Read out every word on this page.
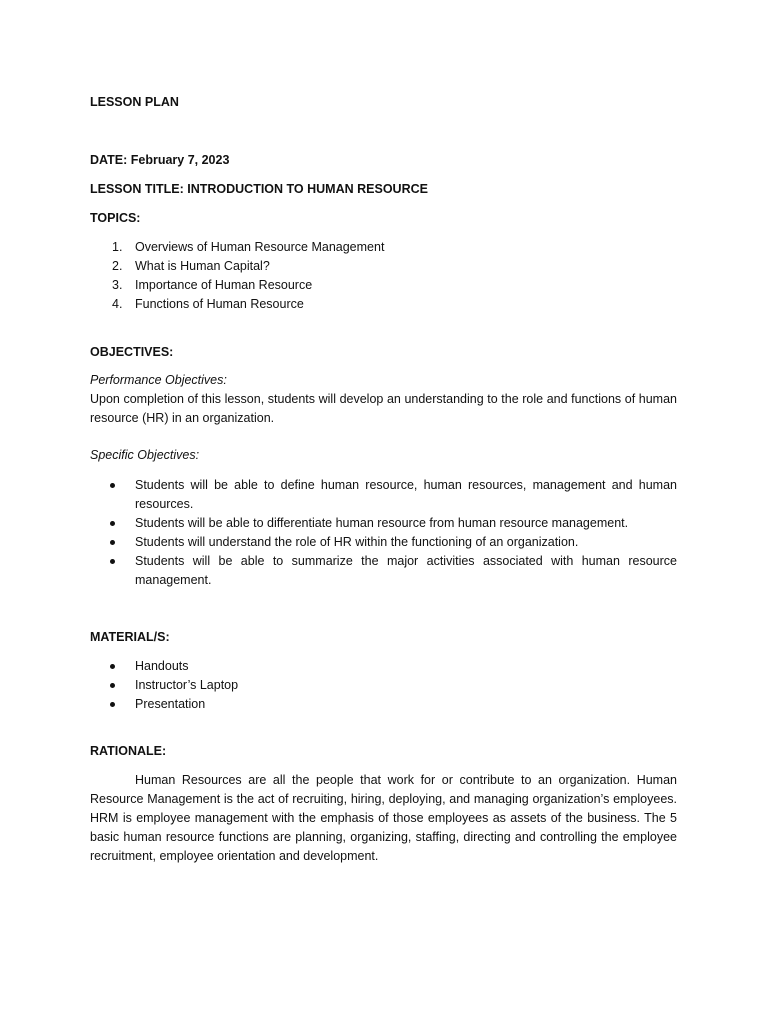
LESSON PLAN
DATE: February 7, 2023
LESSON TITLE: INTRODUCTION TO HUMAN RESOURCE
TOPICS:
1. Overviews of Human Resource Management
2. What is Human Capital?
3. Importance of Human Resource
4. Functions of Human Resource
OBJECTIVES:
Performance Objectives:
Upon completion of this lesson, students will develop an understanding to the role and functions of human resource (HR) in an organization.
Specific Objectives:
Students will be able to define human resource, human resources, management and human resources.
Students will be able to differentiate human resource from human resource management.
Students will understand the role of HR within the functioning of an organization.
Students will be able to summarize the major activities associated with human resource management.
MATERIAL/S:
Handouts
Instructor’s Laptop
Presentation
RATIONALE:
Human Resources are all the people that work for or contribute to an organization. Human Resource Management is the act of recruiting, hiring, deploying, and managing organization’s employees. HRM is employee management with the emphasis of those employees as assets of the business. The 5 basic human resource functions are planning, organizing, staffing, directing and controlling the employee recruitment, employee orientation and development.
